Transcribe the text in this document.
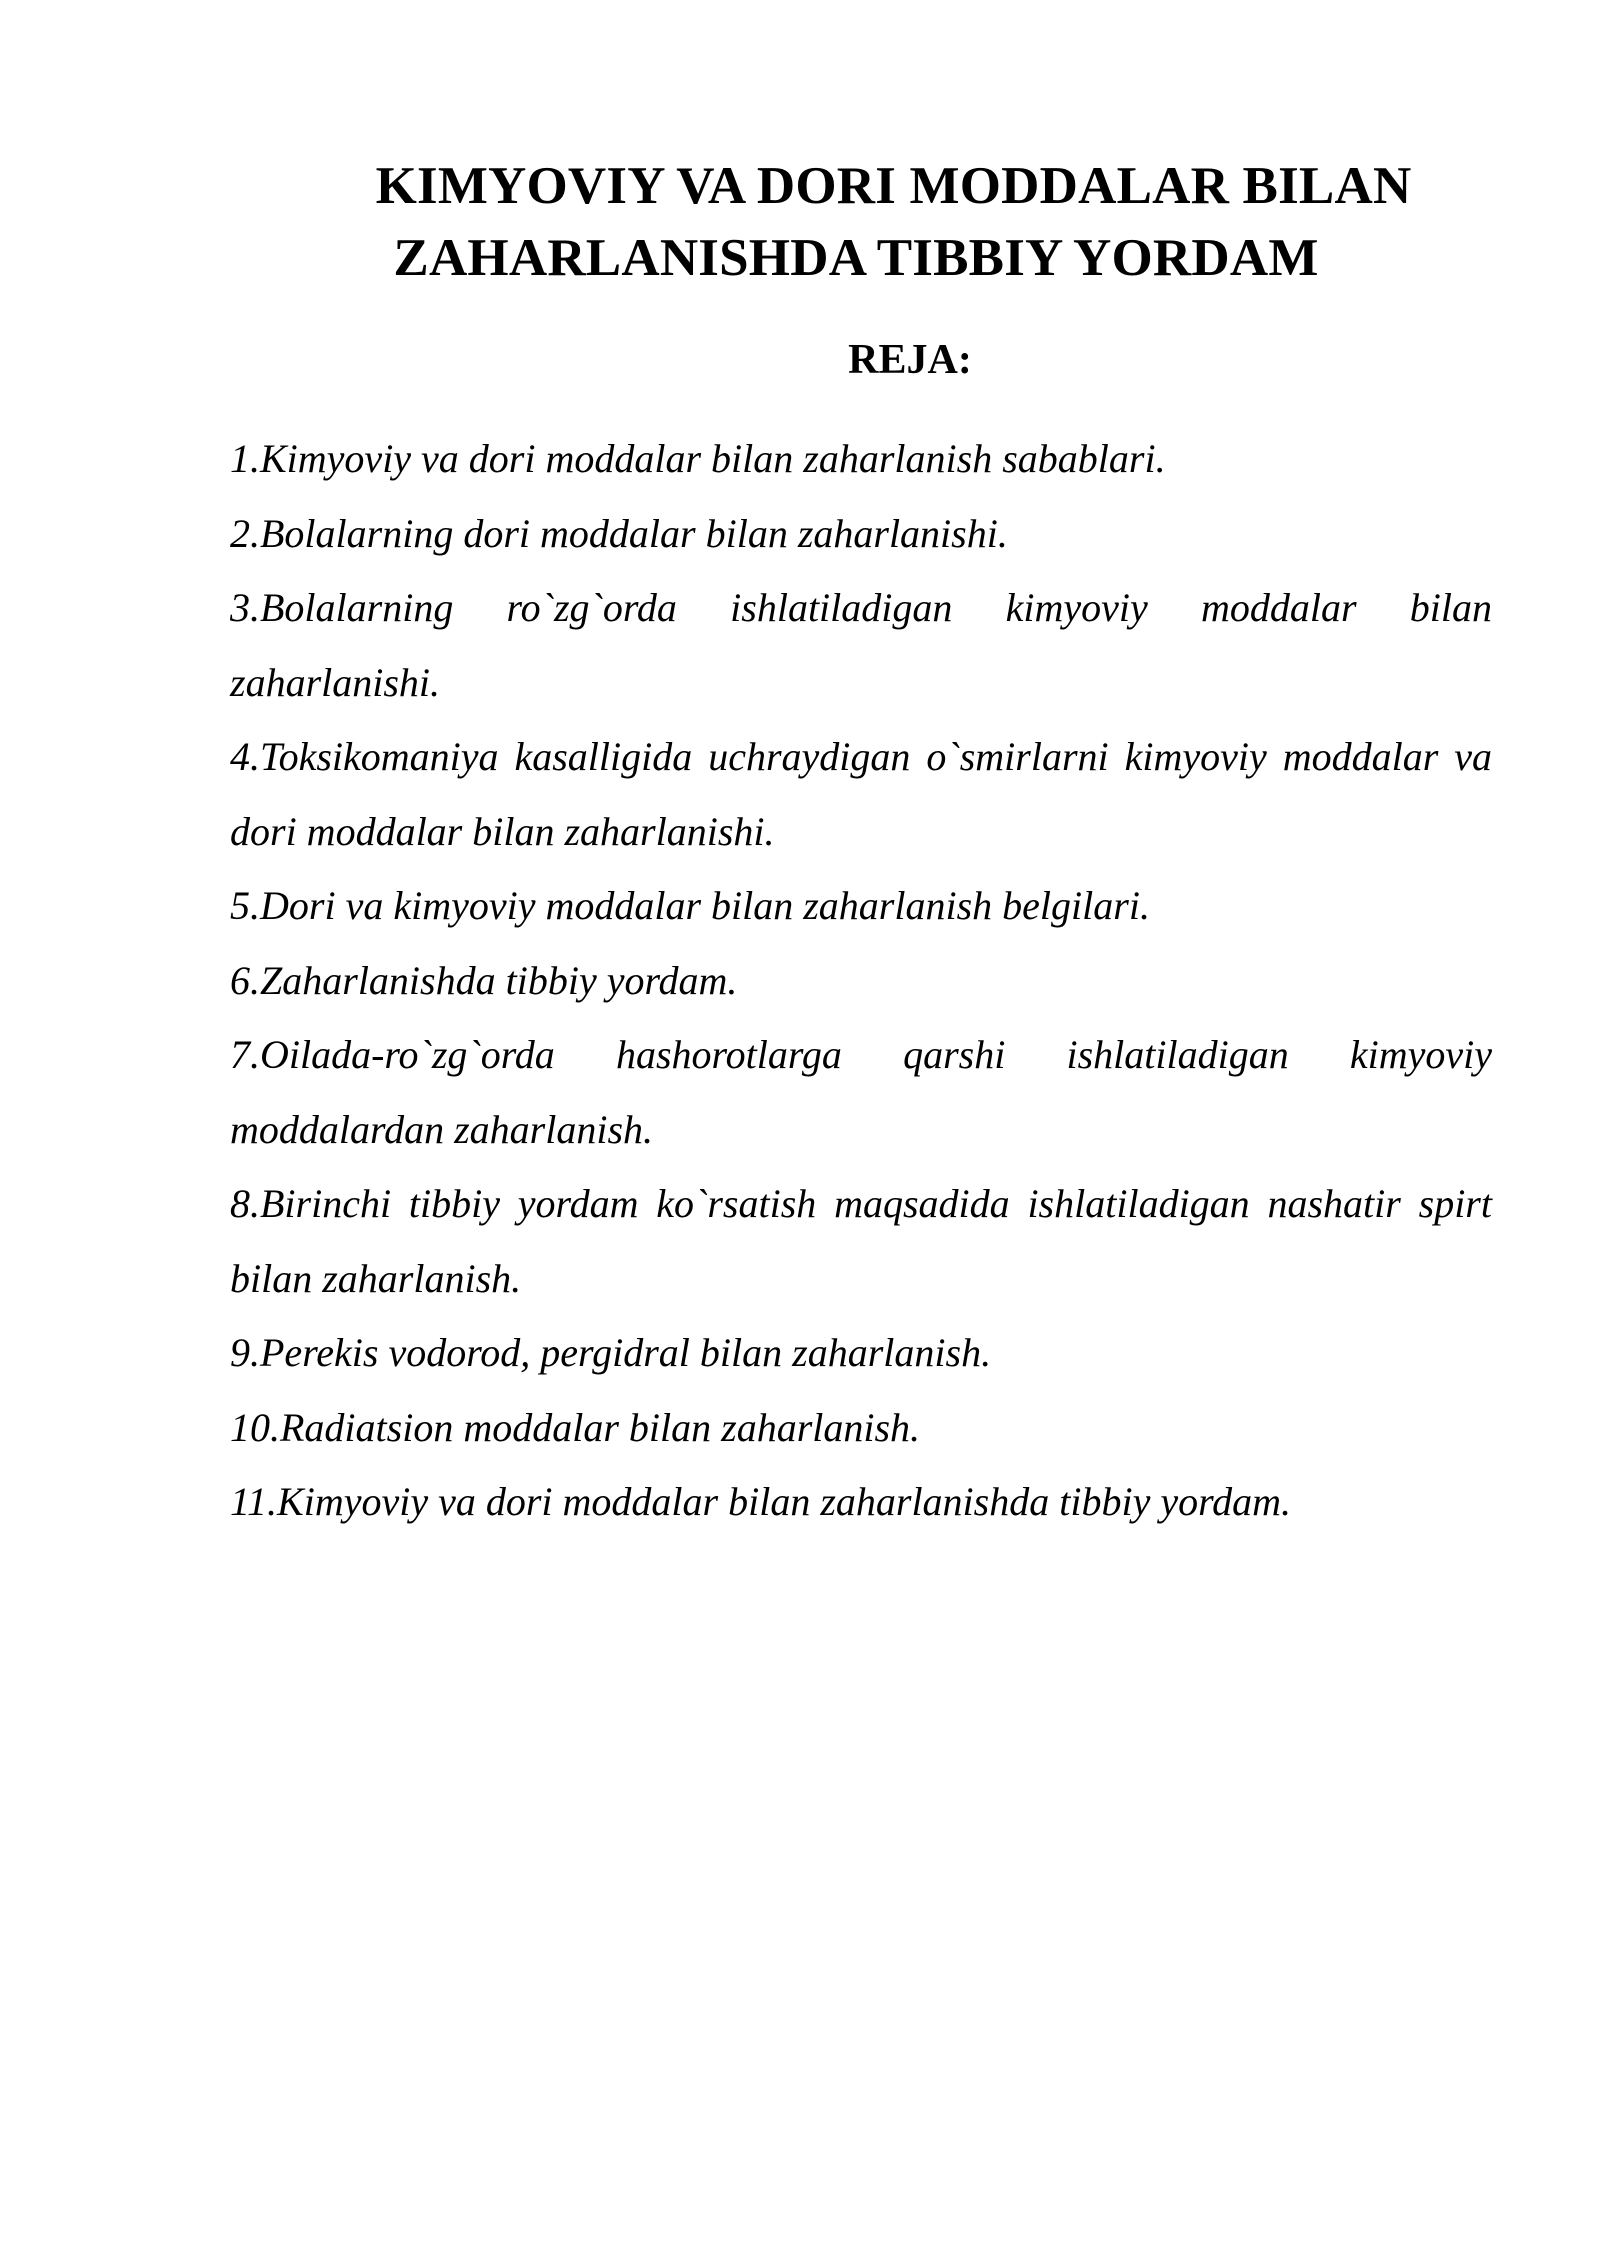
KIMYOVIY VA DORI MODDALAR BILAN
ZAHARLANISHDA TIBBIY YORDAM
REJA:
1.Kimyoviy va dori moddalar bilan zaharlanish sabablari.
2.Bolalarning dori moddalar bilan zaharlanishi.
3.Bolalarning ro`zg`orda ishlatiladigan kimyoviy moddalar bilan zaharlanishi.
4.Toksikomaniya kasalligida uchraydigan o`smirlarni kimyoviy moddalar va dori moddalar bilan zaharlanishi.
5.Dori va kimyoviy moddalar bilan zaharlanish belgilari.
6.Zaharlanishda tibbiy yordam.
7.Oilada-ro`zg`orda hashorotlarga qarshi ishlatiladigan kimyoviy moddalardan zaharlanish.
8.Birinchi tibbiy yordam ko`rsatish maqsadida ishlatiladigan nashatir spirt bilan zaharlanish.
9.Perekis vodorod, pergidral bilan zaharlanish.
10.Radiatsion moddalar bilan zaharlanish.
11.Kimyoviy va dori moddalar bilan zaharlanishda tibbiy yordam.
